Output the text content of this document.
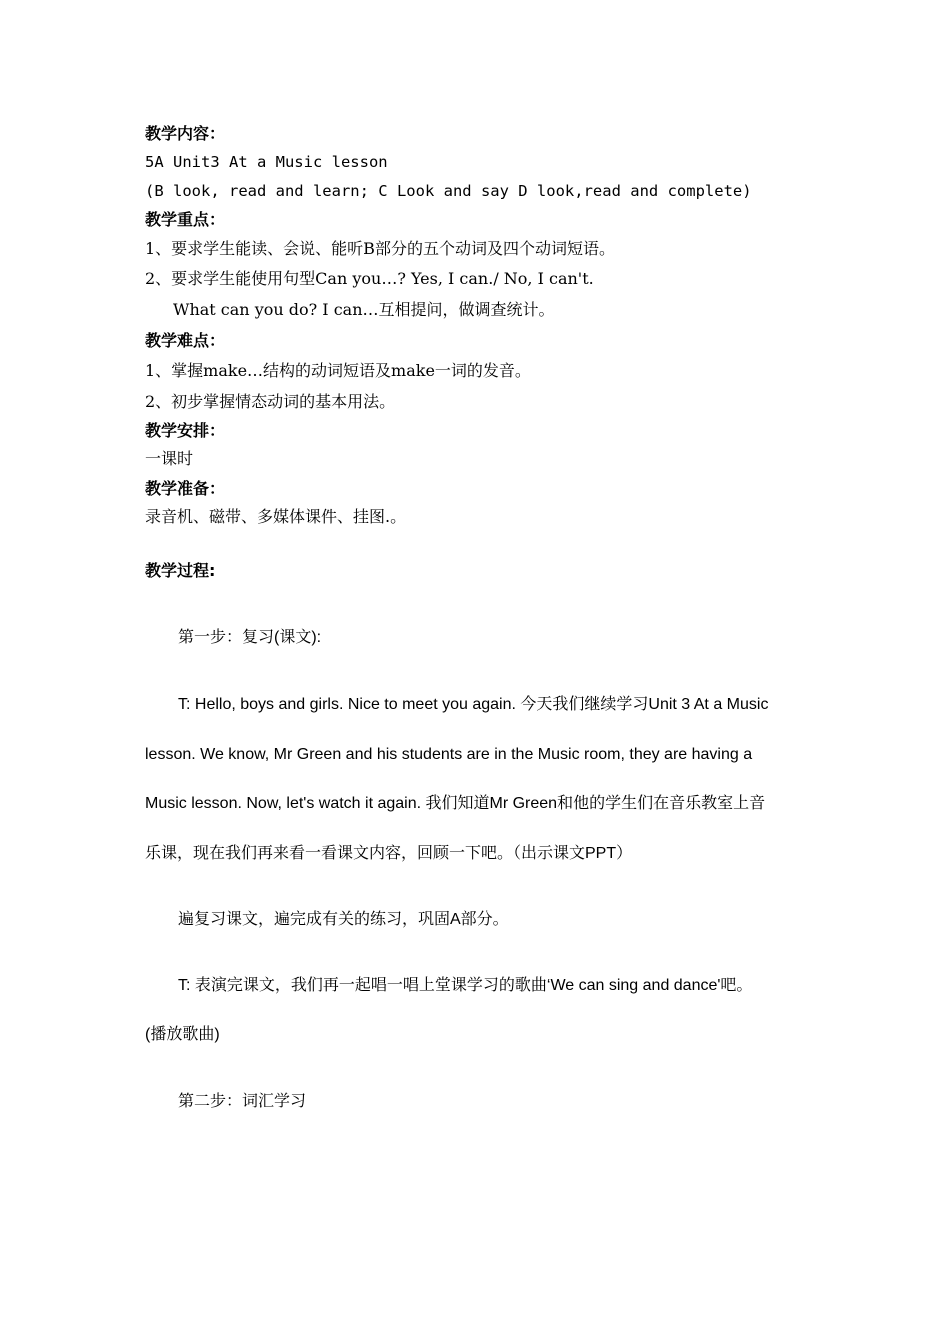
教学内容：
5A Unit3 At a Music lesson
(B look, read and learn; C Look and say D look,read and complete)
教学重点：
1、要求学生能读、会说、能听B部分的五个动词及四个动词短语。
2、要求学生能使用句型Can you…? Yes, I can./ No, I can't.
What can you do? I can…互相提问，做调查统计。
教学难点：
1、掌握make…结构的动词短语及make一词的发音。
2、初步掌握情态动词的基本用法。
教学安排：
一课时
教学准备：
录音机、磁带、多媒体课件、挂图.。
教学过程:
第一步：复习(课文):
T: Hello, boys and girls. Nice to meet you again. 今天我们继续学习Unit 3 At a Music
lesson. We know, Mr Green and his students are in the Music room, they are having a
Music lesson. Now, let's watch it again. 我们知道Mr Green和他的学生们在音乐教室上音
乐课，现在我们再来看一看课文内容，回顾一下吧。（出示课文PPT）
遍复习课文，遍完成有关的练习，巩固A部分。
T: 表演完课文，我们再一起唱一唱上堂课学习的歌曲‘We can sing and dance'吧。
(播放歌曲)
第二步：词汇学习
